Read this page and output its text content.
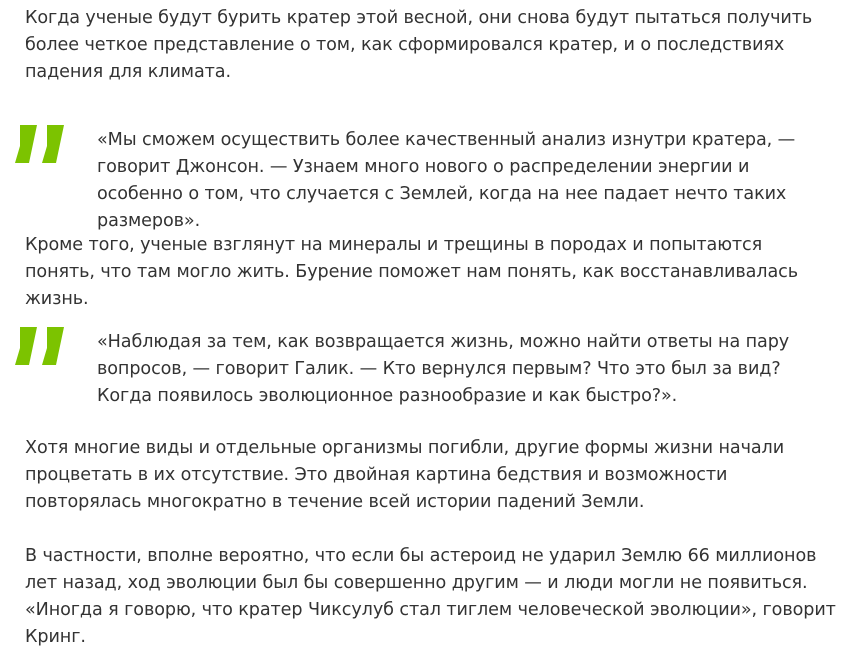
Когда ученые будут бурить кратер этой весной, они снова будут пытаться получить более четкое представление о том, как сформировался кратер, и о последствиях падения для климата.

«Мы сможем осуществить более качественный анализ изнутри кратера, — говорит Джонсон. — Узнаем много нового о распределении энергии и особенно о том, что случается с Землей, когда на нее падает нечто таких размеров».

Кроме того, ученые взглянут на минералы и трещины в породах и попытаются понять, что там могло жить. Бурение поможет нам понять, как восстанавливалась жизнь.

«Наблюдая за тем, как возвращается жизнь, можно найти ответы на пару вопросов, — говорит Галик. — Кто вернулся первым? Что это был за вид? Когда появилось эволюционное разнообразие и как быстро?».

Хотя многие виды и отдельные организмы погибли, другие формы жизни начали процветать в их отсутствие. Это двойная картина бедствия и возможности повторялась многократно в течение всей истории падений Земли.

В частности, вполне вероятно, что если бы астероид не ударил Землю 66 миллионов лет назад, ход эволюции был бы совершенно другим — и люди могли не появиться. «Иногда я говорю, что кратер Чиксулуб стал тиглем человеческой эволюции», говорит Кринг.
